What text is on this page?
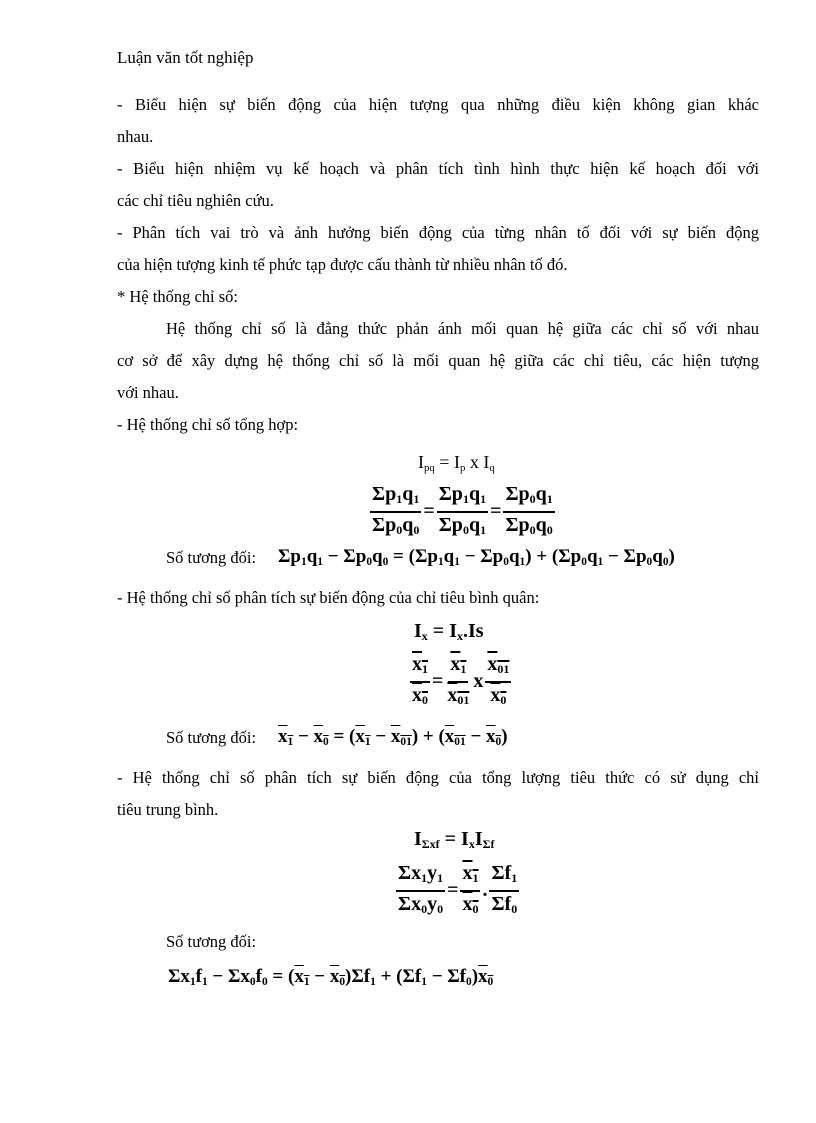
Luận văn tốt nghiệp

- Biểu hiện sự biến động của hiện tượng qua những điều kiện không gian khác

nhau.

- Biểu hiện nhiệm vụ kế hoạch và phân tích tình hình thực hiện kế hoạch đối với

các chỉ tiêu nghiên cứu.

- Phân tích vai trò và ảnh hưởng biến động của từng nhân tố đối với sự biến động

của hiện tượng kinh tế phức tạp được cấu thành từ nhiều nhân tố đó.

* Hệ thống chỉ số:

Hệ thống chỉ số là đẳng thức phản ánh mối quan hệ giữa các chỉ số với nhau

cơ sở để xây dựng hệ thống chỉ số là mối quan hệ giữa các chỉ tiêu, các hiện tượng

với nhau.

- Hệ thống chỉ số tổng hợp:

$I_{pq} = I_p$ x $I_q$
$\frac{\Sigma p_1q_1}{\Sigma p_0q_0} = \frac{\Sigma p_1q_1}{\Sigma p_0q_1} = \frac{\Sigma p_0q_1}{\Sigma p_0q_0}$
Số tương đối: $\Sigma p_1q_1 - \Sigma p_0q_0 = (\Sigma p_1q_1 - \Sigma p_0q_1) + (\Sigma p_0q_1 - \Sigma p_0q_0)$
- Hệ thống chỉ số phân tích sự biến động của chỉ tiêu bình quân:
$I_x = I_x.Is$
$\frac{x_1}{x_0} = \frac{x_1}{x_{01}}$ x $\frac{x_{01}}{x_0}$
Số tương đối: $x_1 - x_0 = (x_1 - x_{01}) + (x_{01} - x_0)$

- Hệ thống chỉ số phân tích sự biến động của tổng lượng tiêu thức có sử dụng chỉ

tiêu trung bình.

$I_{\Sigma xf} = I_xI_{\Sigma f}$
$\frac{\Sigma x_1y_1}{\Sigma x_0y_0} = \frac{x_1}{x_0}$ . $\frac{\Sigma f_1}{\Sigma f_0}$
Số tương đối:
$\Sigma x_1f_1 - \Sigma x_0f_0 = (x_1 - x_0)\Sigma f_1 + (\Sigma f_1 - \Sigma f_0)x_0$
